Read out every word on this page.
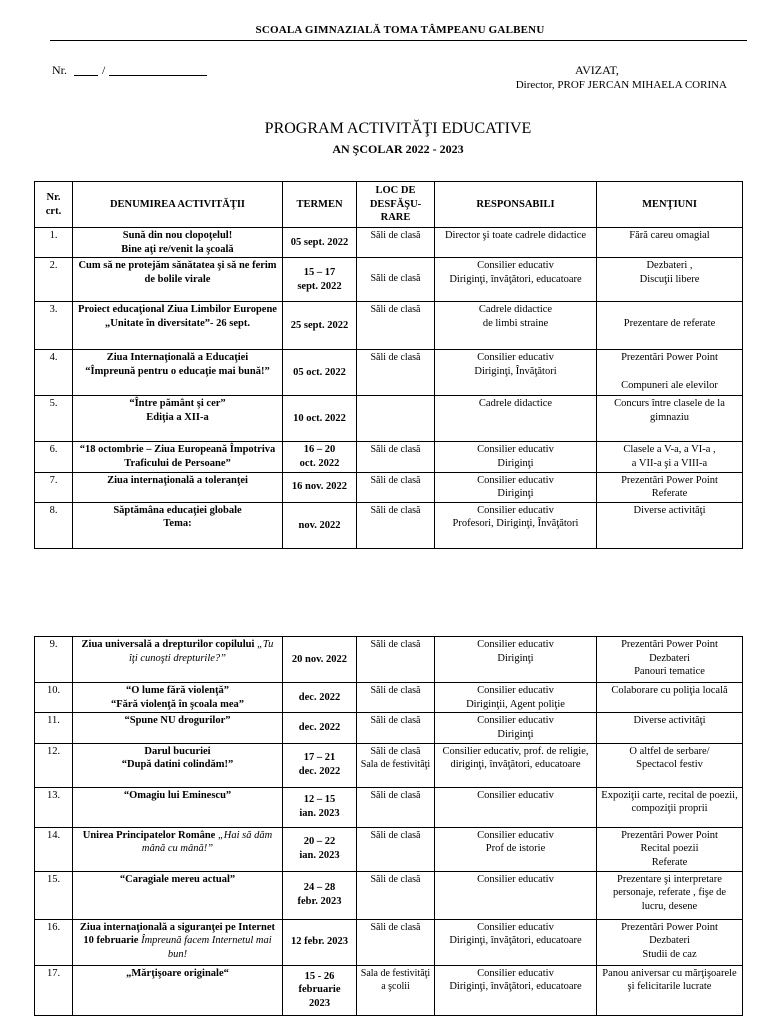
SCOALA GIMNAZIALĂ TOMA TÂMPEANU GALBENU
Nr.	/	AVIZAT,
Director, PROF JERCAN MIHAELA CORINA
PROGRAM ACTIVITĂŢI EDUCATIVE
AN ŞCOLAR 2022 - 2023
Nr. crt.	DENUMIREA ACTIVITĂŢII	TERMEN	LOC DE DESFĂŞU-RARE	RESPONSABILI	MENŢIUNI
1.	Sună din nou clopoţelul!
Bine aţi re/venit la şcoală	05 sept. 2022	Săli de clasă	Director şi toate cadrele didactice	Fără careu omagial
2.	Cum să ne protejăm sănătatea şi să ne ferim de bolile virale	15 – 17
sept. 2022	
Săli de clasă	Consilier educativ
Diriginţi, învăţători, educatoare	Dezbateri ,
Discuţii libere
3.	Proiect educaţional Ziua Limbilor Europene „Unitate în diversitate”- 26 sept.	25 sept. 2022	Săli de clasă	Cadrele didactice
de limbi straine	
Prezentare de referate
4.	Ziua Internaţională a Educaţiei
“Împreună pentru o educaţie mai bună!”	05 oct. 2022	Săli de clasă	Consilier educativ
Diriginţi, Învăţători	Prezentări Power Point

Compuneri ale elevilor
5.	“Între pământ şi cer”
Ediţia a XII-a	10 oct. 2022		Cadrele didactice	Concurs între clasele de la gimnaziu
6.	“18 octombrie – Ziua Europeană Împotriva Traficului de Persoane”	16 – 20
oct. 2022	Săli de clasă	Consilier educativ
Diriginţi	Clasele a V-a, a VI-a ,
a VII-a şi a VIII-a
7.	Ziua internaţională a toleranţei	16 nov. 2022	Săli de clasă	Consilier educativ
Diriginţi	Prezentări Power Point
Referate
8.	Săptămâna educaţiei globale
Tema:	nov. 2022	Săli de clasă	Consilier educativ
Profesori, Diriginţi, Învăţători	Diverse activităţi
9.	Ziua universală a drepturilor copilului „Tu îţi cunoşti drepturile?”	20 nov. 2022	Săli de clasă	Consilier educativ
Diriginţi	Prezentări Power Point
Dezbateri
Panouri tematice
10.	“O lume fără violenţă”
“Fără violenţă în şcoala mea”	dec. 2022	Săli de clasă	Consilier educativ
Diriginţii, Agent poliţie	Colaborare cu poliţia locală
11.	“Spune NU drogurilor”	dec. 2022	Săli de clasă	Consilier educativ
Diriginţi	Diverse activităţi
12.	Darul bucuriei
“După datini colindăm!”	17 – 21
dec. 2022	Săli de clasă
Sala de festivităţi	Consilier educativ, prof. de religie, diriginţi, învăţători, educatoare	O altfel de serbare/
Spectacol festiv
13.	“Omagiu lui Eminescu”	12 – 15
ian. 2023	Săli de clasă	Consilier educativ	Expoziţii carte, recital de poezii, compoziţii proprii
14.	Unirea Principatelor Române „Hai să dăm mână cu mână!”	20 – 22
ian. 2023	Săli de clasă	Consilier educativ
Prof de istorie	Prezentări Power Point
Recital poezii
Referate
15.	“Caragiale mereu actual”	24 – 28
febr. 2023	Săli de clasă	Consilier educativ	Prezentare şi interpretare personaje, referate , fişe de lucru, desene
16.	Ziua internaţională a siguranţei pe Internet 10 februarie Împreună facem Internetul mai bun!	12 febr. 2023	Săli de clasă	Consilier educativ
Diriginţi, învăţători, educatoare	Prezentări Power Point
Dezbateri
Studii de caz
17.	„Mărţişoare originale“	15 - 26
februarie
2023	Sala de festivităţi a şcolii	Consilier educativ
Diriginţi, învăţători, educatoare	Panou aniversar cu mărţişoarele şi felicitarile lucrate
